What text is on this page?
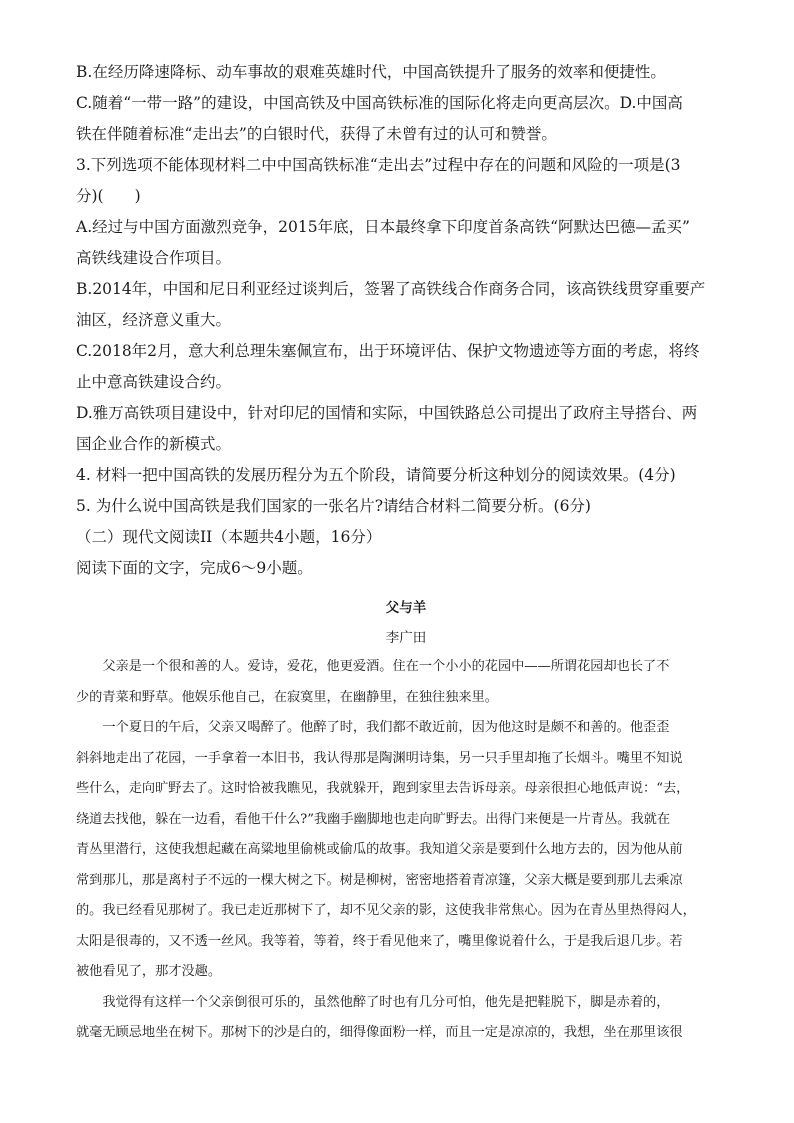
B.在经历降速降标、动车事故的艰难英雄时代，中国高铁提升了服务的效率和便捷性。

C.随着“一带一路”的建设，中国高铁及中国高铁标准的国际化将走向更高层次。D.中国高

铁在伴随着标准“走出去”的白银时代，获得了未曾有过的认可和赞誉。

3.下列选项不能体现材料二中中国高铁标准“走出去”过程中存在的问题和风险的一项是(3

分)(　　)

A.经过与中国方面激烈竞争，2015年底，日本最终拿下印度首条高铁“阿默达巴德—孟买”

高铁线建设合作项目。

B.2014年，中国和尼日利亚经过谈判后，签署了高铁线合作商务合同，该高铁线贯穿重要产

油区，经济意义重大。

C.2018年2月，意大利总理朱塞佩宣布，出于环境评估、保护文物遗迹等方面的考虑，将终

止中意高铁建设合约。

D.雅万高铁项目建设中，针对印尼的国情和实际，中国铁路总公司提出了政府主导搭台、两

国企业合作的新模式。

4. 材料一把中国高铁的发展历程分为五个阶段，请简要分析这种划分的阅读效果。(4分)

5. 为什么说中国高铁是我们国家的一张名片?请结合材料二简要分析。(6分)

（二）现代文阅读II（本题共4小题，16分）

阅读下面的文字，完成6～9小题。

父与羊
李广田

　　父亲是一个很和善的人。爱诗，爱花，他更爱酒。住在一个小小的花园中——所谓花园却也长了不

少的青菜和野草。他娱乐他自己，在寂寞里，在幽静里，在独往独来里。

　　一个夏日的午后，父亲又喝醉了。他醉了时，我们都不敢近前，因为他这时是颇不和善的。他歪歪

斜斜地走出了花园，一手拿着一本旧书，我认得那是陶渊明诗集，另一只手里却拖了长烟斗。嘴里不知说

些什么，走向旷野去了。这时恰被我瞧见，我就躲开，跑到家里去告诉母亲。母亲很担心地低声说：“去，

绕道去找他，躲在一边看，看他干什么?”我幽手幽脚地也走向旷野去。出得门来便是一片青丛。我就在

青丛里潜行，这使我想起藏在高粱地里偷桃或偷瓜的故事。我知道父亲是要到什么地方去的，因为他从前

常到那儿，那是离村子不远的一棵大树之下。树是柳树，密密地搭着青凉篷，父亲大概是要到那儿去乘凉

的。我已经看见那树了。我已走近那树下了，却不见父亲的影，这使我非常焦心。因为在青丛里热得闷人，

太阳是很毒的，又不透一丝风。我等着，等着，终于看见他来了，嘴里像说着什么，于是我后退几步。若

被他看见了，那才没趣。

　　我觉得有这样一个父亲倒很可乐的，虽然他醉了时也有几分可怕，他先是把鞋脱下，脚是赤着的，

就毫无顾忌地坐在树下。那树下的沙是白的，细得像面粉一样，而且一定是凉凉的，我想，坐在那里该很
